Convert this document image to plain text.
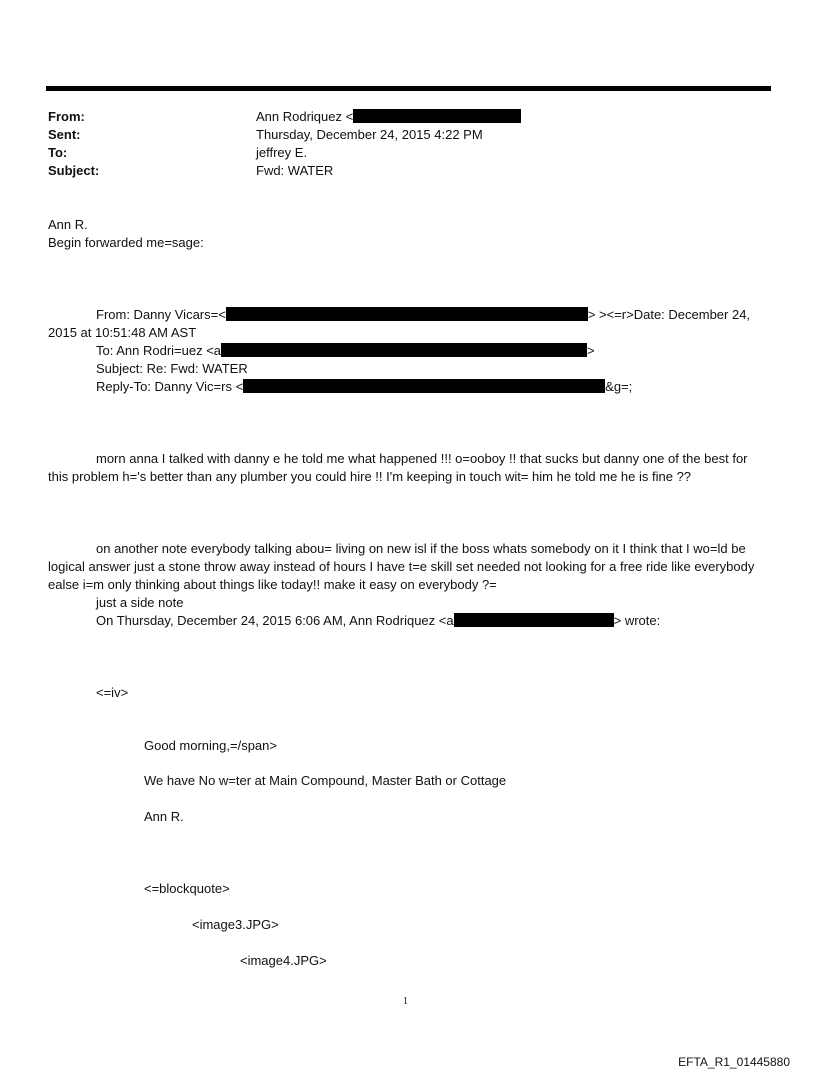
From:	Ann Rodriquez <
Sent:	Thursday, December 24, 2015 4:22 PM
To:	jeffrey E.
Subject:	Fwd: WATER
Ann R.
Begin forwarded me=sage:
From: Danny Vicars=<	> ><=r>Date: December 24,
2015 at 10:51:48 AM AST
To: Ann Rodri=uez <a	>
Subject: Re: Fwd: WATER
Reply-To: Danny Vic=rs <	&g=;
morn anna I talked with danny e he told me what happened !!! o=ooboy !! that sucks but danny one of the best for this problem h='s better than any plumber you could hire !! I'm keeping in touch wit= him he told me he is fine ??
on another note everybody talking abou= living on new isl if the boss whats somebody on it I think that I wo=ld be logical answer just a stone throw away instead of hours I have t=e skill set needed not looking for a free ride like everybody ealse i=m only thinking about things like today!! make it easy on everybody ?=
just a side note
On Thursday, December 24, 2015 6:06 AM, Ann Rodriquez <a	> wrote:
<=iv>
Good morning,=/span>
We have No w=ter at Main Compound, Master Bath or Cottage
Ann R.
<=blockquote>
<image3.JPG>
<image4.JPG>
1
EFTA_R1_01445880
